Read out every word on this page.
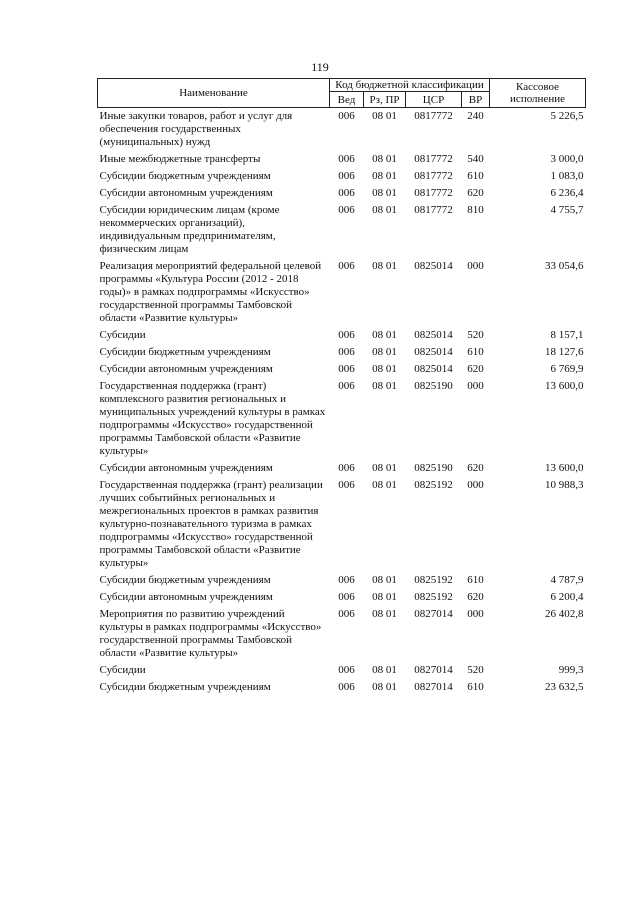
119
Наименование	Код бюджетной классификации				Кассовое исполнение
	Вед	Рз, ПР	ЦСР	ВР	
Иные закупки товаров, работ и услуг для обеспечения государственных (муниципальных) нужд	006	08 01	0817772	240	5 226,5
Иные межбюджетные трансферты	006	08 01	0817772	540	3 000,0
Субсидии бюджетным учреждениям	006	08 01	0817772	610	1 083,0
Субсидии автономным учреждениям	006	08 01	0817772	620	6 236,4
Субсидии юридическим лицам (кроме некоммерческих организаций), индивидуальным предпринимателям, физическим лицам	006	08 01	0817772	810	4 755,7
Реализация мероприятий федеральной целевой программы «Культура России (2012 - 2018 годы)» в рамках подпрограммы «Искусство» государственной программы Тамбовской области «Развитие культуры»	006	08 01	0825014	000	33 054,6
Субсидии	006	08 01	0825014	520	8 157,1
Субсидии бюджетным учреждениям	006	08 01	0825014	610	18 127,6
Субсидии автономным учреждениям	006	08 01	0825014	620	6 769,9
Государственная поддержка (грант) комплексного развития региональных и муниципальных учреждений культуры в рамках подпрограммы «Искусство» государственной программы Тамбовской области «Развитие культуры»	006	08 01	0825190	000	13 600,0
Субсидии автономным учреждениям	006	08 01	0825190	620	13 600,0
Государственная поддержка (грант) реализации лучших событийных региональных и межрегиональных проектов в рамках развития культурно-познавательного туризма в рамках подпрограммы «Искусство» государственной программы Тамбовской области «Развитие культуры»	006	08 01	0825192	000	10 988,3
Субсидии бюджетным учреждениям	006	08 01	0825192	610	4 787,9
Субсидии автономным учреждениям	006	08 01	0825192	620	6 200,4
Мероприятия по развитию учреждений культуры в рамках подпрограммы «Искусство» государственной программы Тамбовской области «Развитие культуры»	006	08 01	0827014	000	26 402,8
Субсидии	006	08 01	0827014	520	999,3
Субсидии бюджетным учреждениям	006	08 01	0827014	610	23 632,5
